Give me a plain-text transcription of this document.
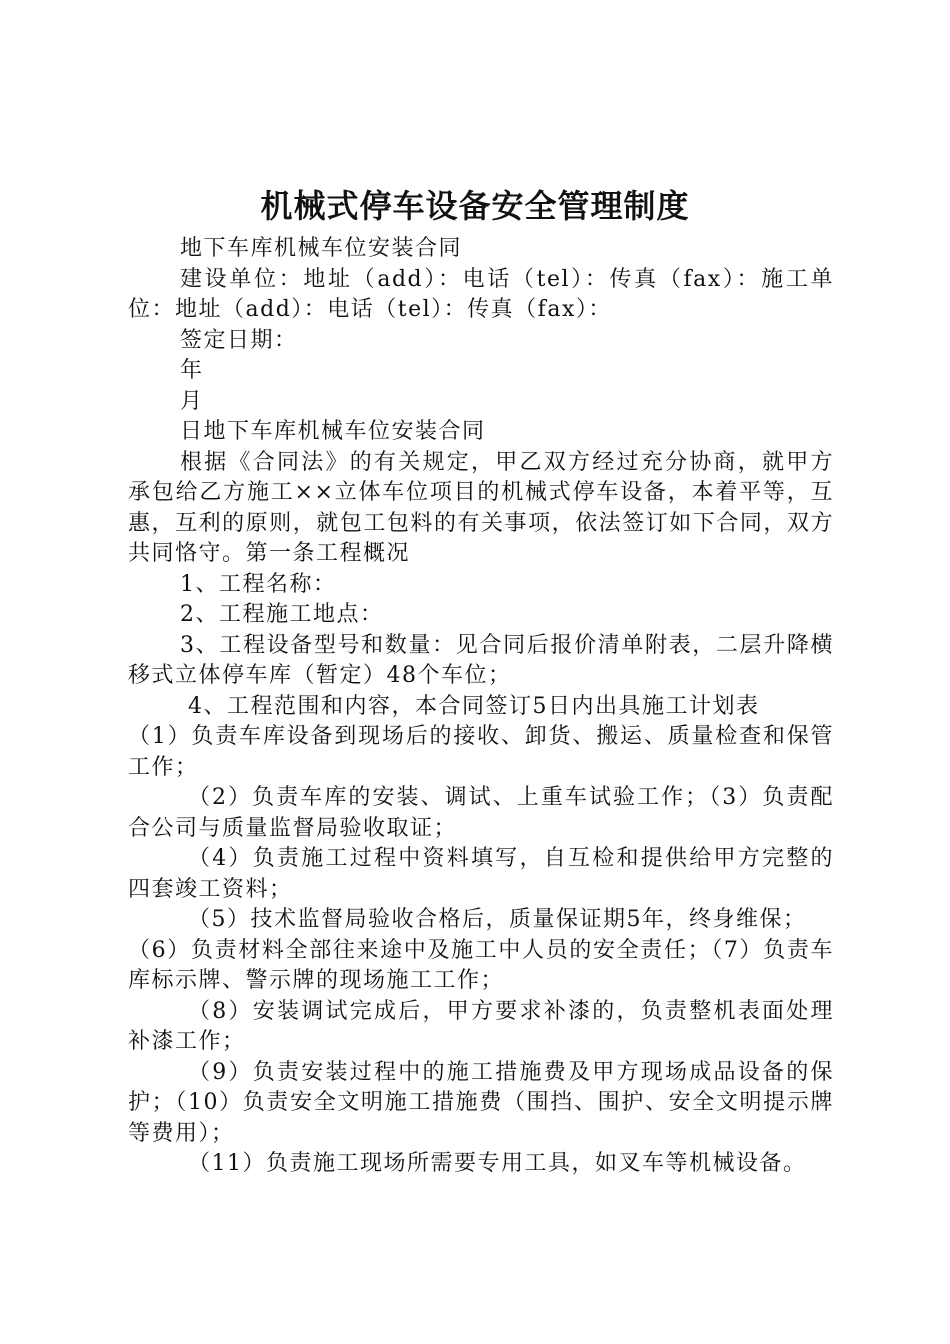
机械式停车设备安全管理制度

地下车库机械车位安装合同

建设单位：地址（add）：电话（tel）：传真（fax）：施工单位：地址（add）：电话（tel）：传真（fax）：

签定日期：

年

月

日地下车库机械车位安装合同

根据《合同法》的有关规定，甲乙双方经过充分协商，就甲方承包给乙方施工××立体车位项目的机械式停车设备，本着平等，互惠，互利的原则，就包工包料的有关事项，依法签订如下合同，双方共同恪守。第一条工程概况

1、工程名称：

2、工程施工地点：

3、工程设备型号和数量：见合同后报价清单附表，二层升降横移式立体停车库（暂定）48个车位；

4、工程范围和内容，本合同签订5日内出具施工计划表

（1）负责车库设备到现场后的接收、卸货、搬运、质量检查和保管工作；

（2）负责车库的安装、调试、上重车试验工作；（3）负责配合公司与质量监督局验收取证；

（4）负责施工过程中资料填写，自互检和提供给甲方完整的四套竣工资料；

（5）技术监督局验收合格后，质量保证期5年，终身维保；

（6）负责材料全部往来途中及施工中人员的安全责任；（7）负责车库标示牌、警示牌的现场施工工作；

（8）安装调试完成后，甲方要求补漆的，负责整机表面处理补漆工作；

（9）负责安装过程中的施工措施费及甲方现场成品设备的保护；（10）负责安全文明施工措施费（围挡、围护、安全文明提示牌等费用）；

（11）负责施工现场所需要专用工具，如叉车等机械设备。
